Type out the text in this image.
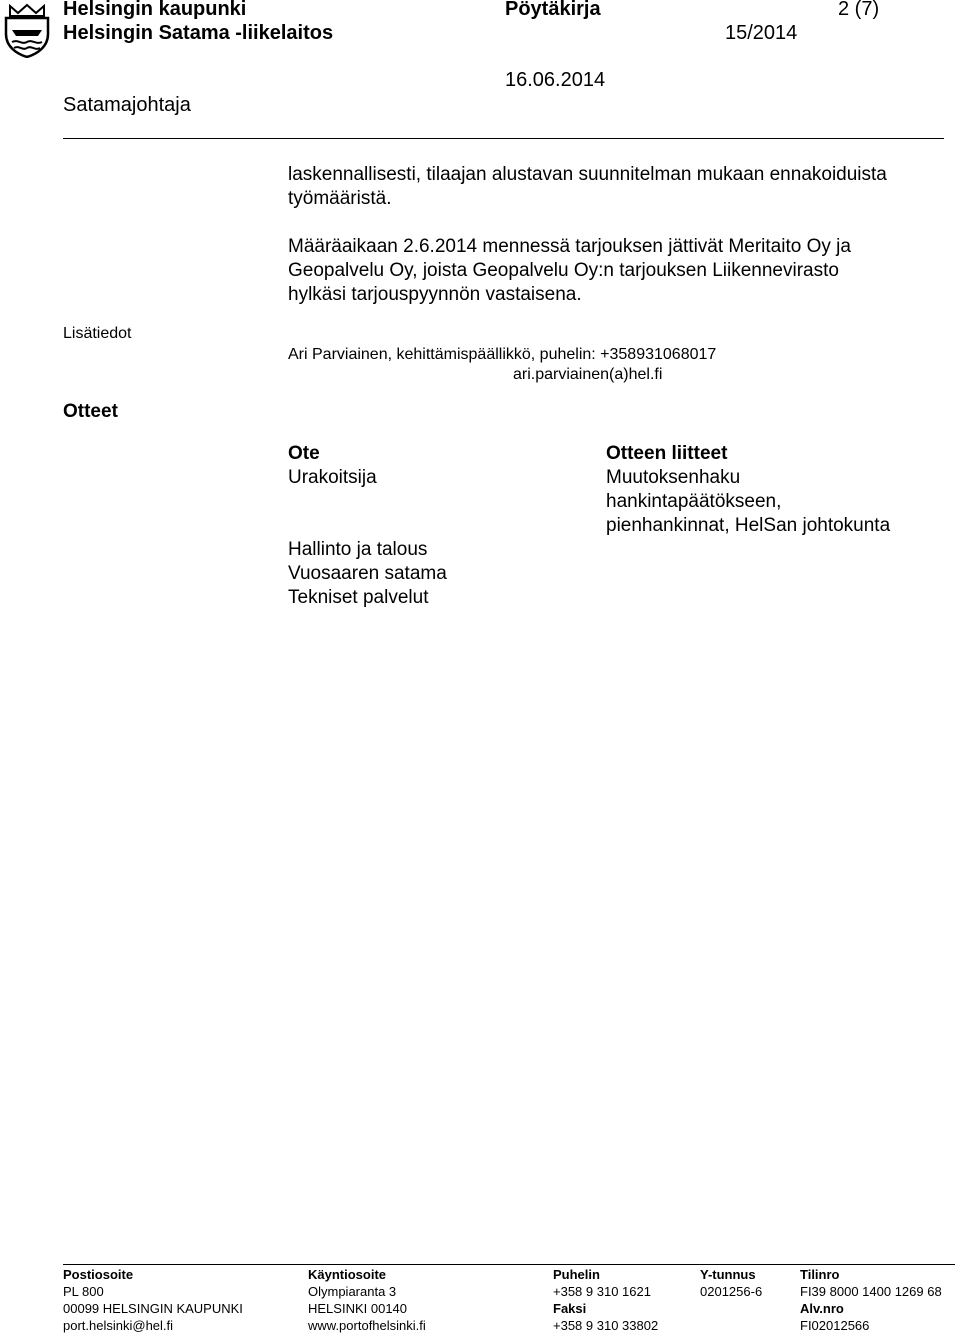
Helsingin kaupunki
Helsingin Satama -liikelaitos
Pöytäkirja
15/2014
2 (7)
16.06.2014
Satamajohtaja
laskennallisesti, tilaajan alustavan suunnitelman mukaan ennakoiduista
työmääristä.
Määräaikaan 2.6.2014 mennessä tarjouksen jättivät Meritaito Oy ja
Geopalvelu Oy, joista Geopalvelu Oy:n tarjouksen Liikennevirasto
hylkäsi tarjouspyynnön vastaisena.
Lisätiedot
Ari Parviainen, kehittämispäällikkö, puhelin: +358931068017
ari.parviainen(a)hel.fi
Otteet
Ote
Urakoitsija
Hallinto ja talous
Vuosaaren satama
Tekniset palvelut
Otteen liitteet
Muutoksenhaku
hankintapäätökseen,
pienhankinnat, HelSan johtokunta
Postiosoite
PL 800
00099 HELSINGIN KAUPUNKI
port.helsinki@hel.fi
Käyntiosoite
Olympiaranta 3
HELSINKI 00140
www.portofhelsinki.fi
Puhelin
+358 9 310 1621
Faksi
+358 9 310 33802
Y-tunnus
0201256-6
Tilinro
FI39 8000 1400 1269 68
Alv.nro
FI02012566
